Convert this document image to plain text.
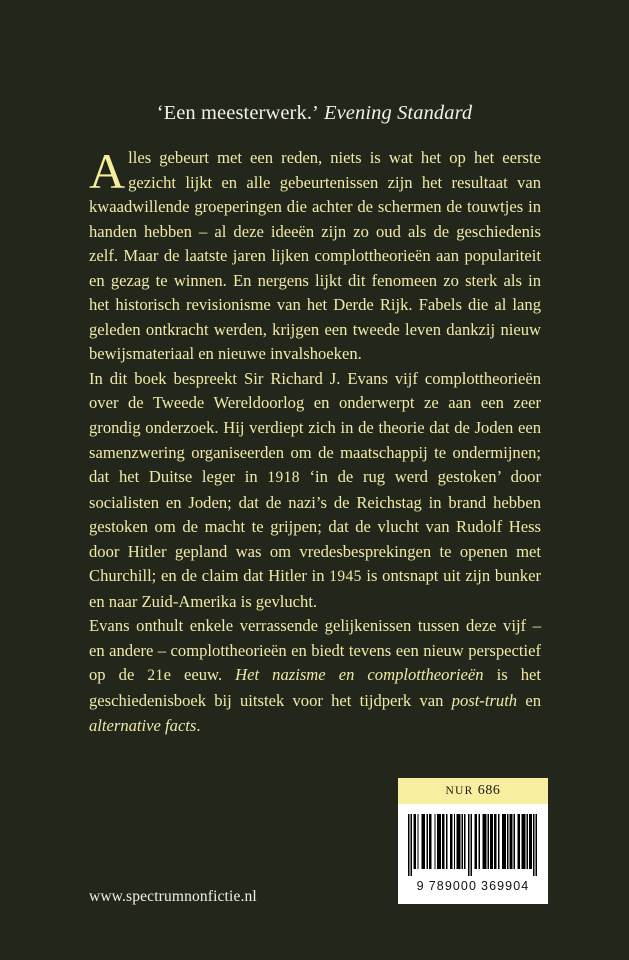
‘Een meesterwerk.’ Evening Standard

Alles gebeurt met een reden, niets is wat het op het eerste gezicht lijkt en alle gebeurtenissen zijn het resultaat van kwaadwillende groeperingen die achter de schermen de touwtjes in handen hebben – al deze ideeën zijn zo oud als de geschiedenis zelf. Maar de laatste jaren lijken complottheorieën aan populariteit en gezag te winnen. En nergens lijkt dit fenomeen zo sterk als in het historisch revisionisme van het Derde Rijk. Fabels die al lang geleden ontkracht werden, krijgen een tweede leven dankzij nieuw bewijsmateriaal en nieuwe invalshoeken.

In dit boek bespreekt Sir Richard J. Evans vijf complottheorieën over de Tweede Wereldoorlog en onderwerpt ze aan een zeer grondig onderzoek. Hij verdiept zich in de theorie dat de Joden een samenzwering organiseerden om de maatschappij te ondermijnen; dat het Duitse leger in 1918 ‘in de rug werd gestoken’ door socialisten en Joden; dat de nazi’s de Reichstag in brand hebben gestoken om de macht te grijpen; dat de vlucht van Rudolf Hess door Hitler gepland was om vredesbesprekingen te openen met Churchill; en de claim dat Hitler in 1945 is ontsnapt uit zijn bunker en naar Zuid-Amerika is gevlucht.

Evans onthult enkele verrassende gelijkenissen tussen deze vijf – en andere – complottheorieën en biedt tevens een nieuw perspectief op de 21e eeuw. Het nazisme en complottheorieën is het geschiedenisboek bij uitstek voor het tijdperk van post-truth en alternative facts.

www.spectrumnonfictie.nl
NUR 686
9 789000 369904
